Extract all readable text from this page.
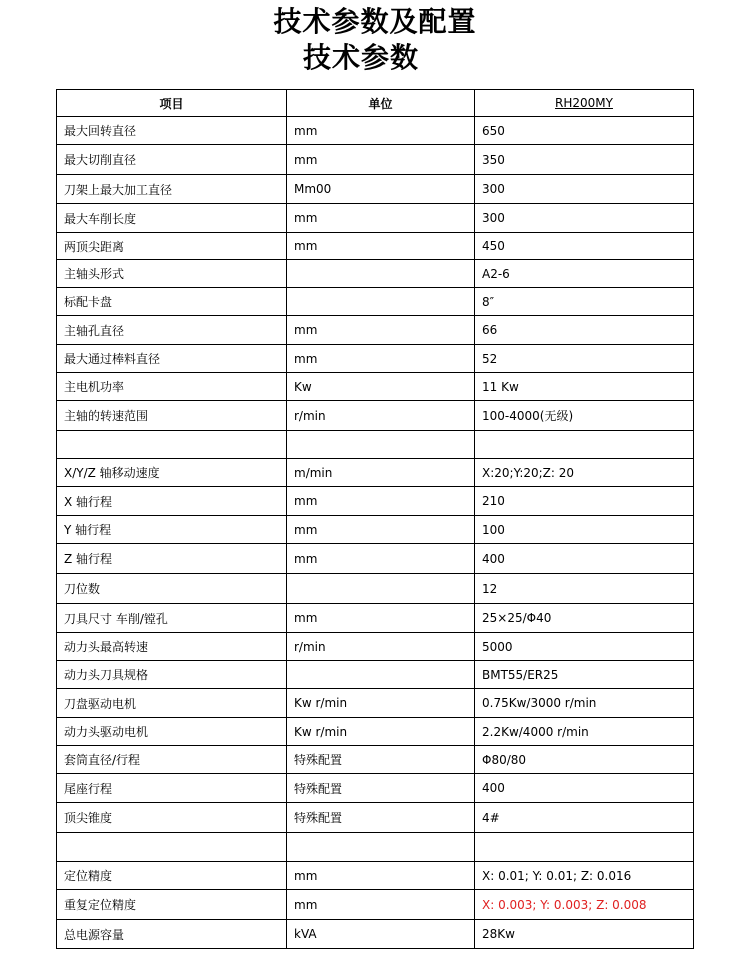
技术参数及配置
技术参数
项目	单位	RH200MY
最大回转直径	mm	650
最大切削直径	mm	350
刀架上最大加工直径	Mm00	300
最大车削长度	mm	300
两顶尖距离	mm	450
主轴头形式		A2-6
标配卡盘		8″
主轴孔直径	mm	66
最大通过棒料直径	mm	52
主电机功率	Kw	11 Kw
主轴的转速范围	r/min	100-4000(无级)

X/Y/Z 轴移动速度	m/min	X:20;Y:20;Z: 20
X 轴行程	mm	210
Y 轴行程	mm	100
Z 轴行程	mm	400
刀位数		12
刀具尺寸 车削/镗孔	mm	25×25/Φ40
动力头最高转速	r/min	5000
动力头刀具规格		BMT55/ER25
刀盘驱动电机	Kw r/min	0.75Kw/3000 r/min
动力头驱动电机	Kw r/min	2.2Kw/4000 r/min
套筒直径/行程	特殊配置	Φ80/80
尾座行程	特殊配置	400
顶尖锥度	特殊配置	4#

定位精度	mm	X: 0.01; Y: 0.01; Z: 0.016
重复定位精度	mm	X: 0.003; Y: 0.003; Z: 0.008
总电源容量	kVA	28Kw
